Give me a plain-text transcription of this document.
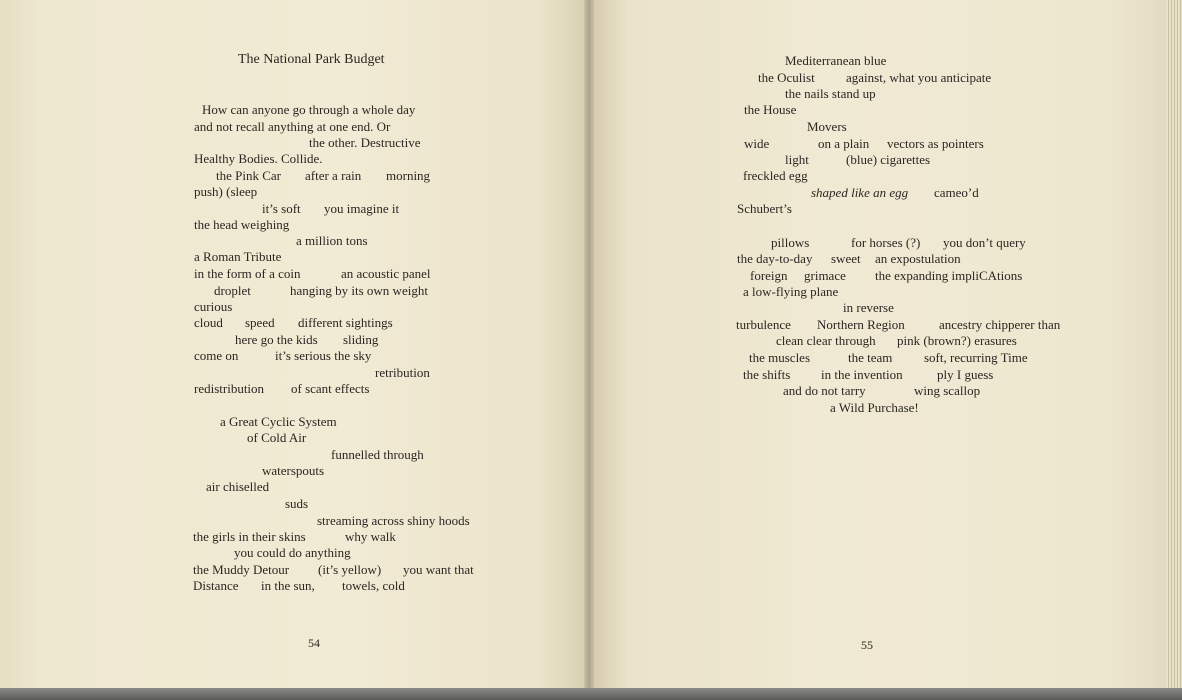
The National Park Budget
How can anyone go through a whole day
and not recall anything at one end. Or
the other. Destructive
Healthy Bodies. Collide.
the Pink Car after a rain morning
push) (sleep
it’s soft you imagine it
the head weighing
a million tons
a Roman Tribute
in the form of a coin	an acoustic panel
droplet	hanging by its own weight
curious
cloud speed different sightings
here go the kids sliding
come on	it’s serious the sky
retribution
redistribution of scant effects
a Great Cyclic System
of Cold Air
funnelled through
waterspouts
air chiselled
suds
streaming across shiny hoods
the girls in their skins	why walk
you could do anything
the Muddy Detour (it’s yellow) you want that
Distance in the sun, towels, cold
54
Mediterranean blue
the Oculist against, what you anticipate
the nails stand up
the House
Movers
wide	on a plain vectors as pointers
light	(blue) cigarettes
freckled egg
shaped like an egg cameo’d
Schubert’s
pillows	for horses (?) you don’t query
the day-to-day sweet an expostulation
foreign grimace the expanding impliCAtions
a low-flying plane
in reverse
turbulence Northern Region	ancestry chipperer than
clean clear through pink (brown?) erasures
the muscles	the team soft, recurring Time
the shifts in the invention	ply I guess
and do not tarry	wing scallop
a Wild Purchase!
55
